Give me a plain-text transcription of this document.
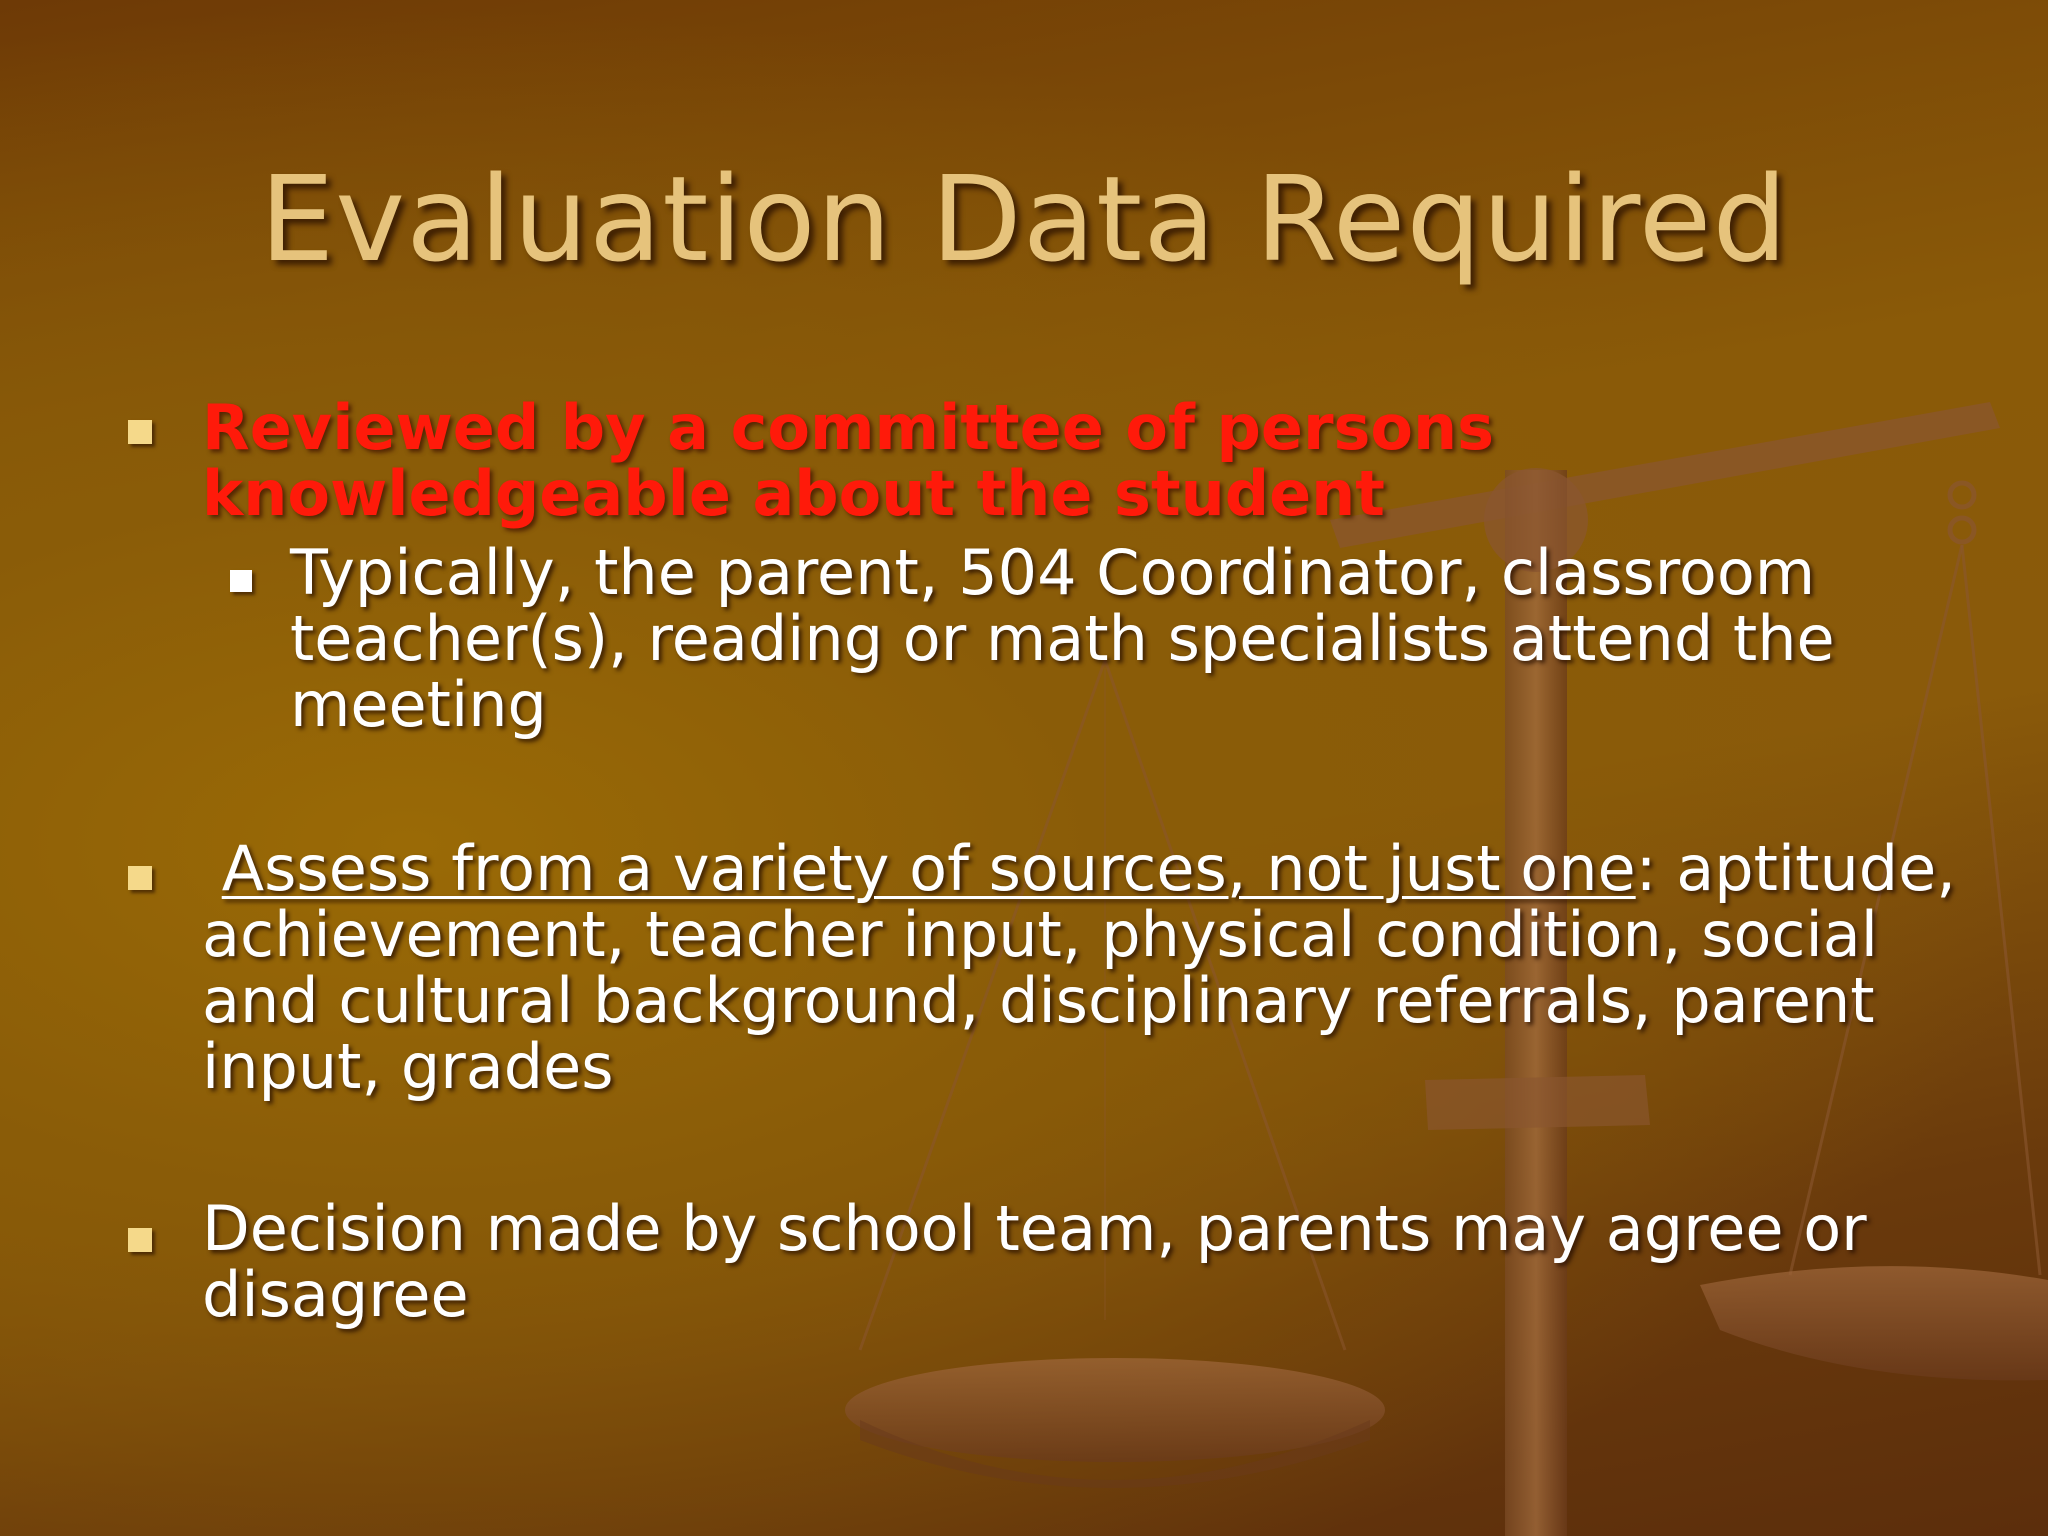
Evaluation Data Required
Reviewed by a committee of persons
knowledgeable about the student
Typically, the parent, 504 Coordinator, classroom
teacher(s), reading or math specialists attend the
meeting
Assess from a variety of sources, not just one: aptitude,
achievement, teacher input, physical condition, social
and cultural background, disciplinary referrals, parent
input, grades
Decision made by school team, parents may agree or
disagree
